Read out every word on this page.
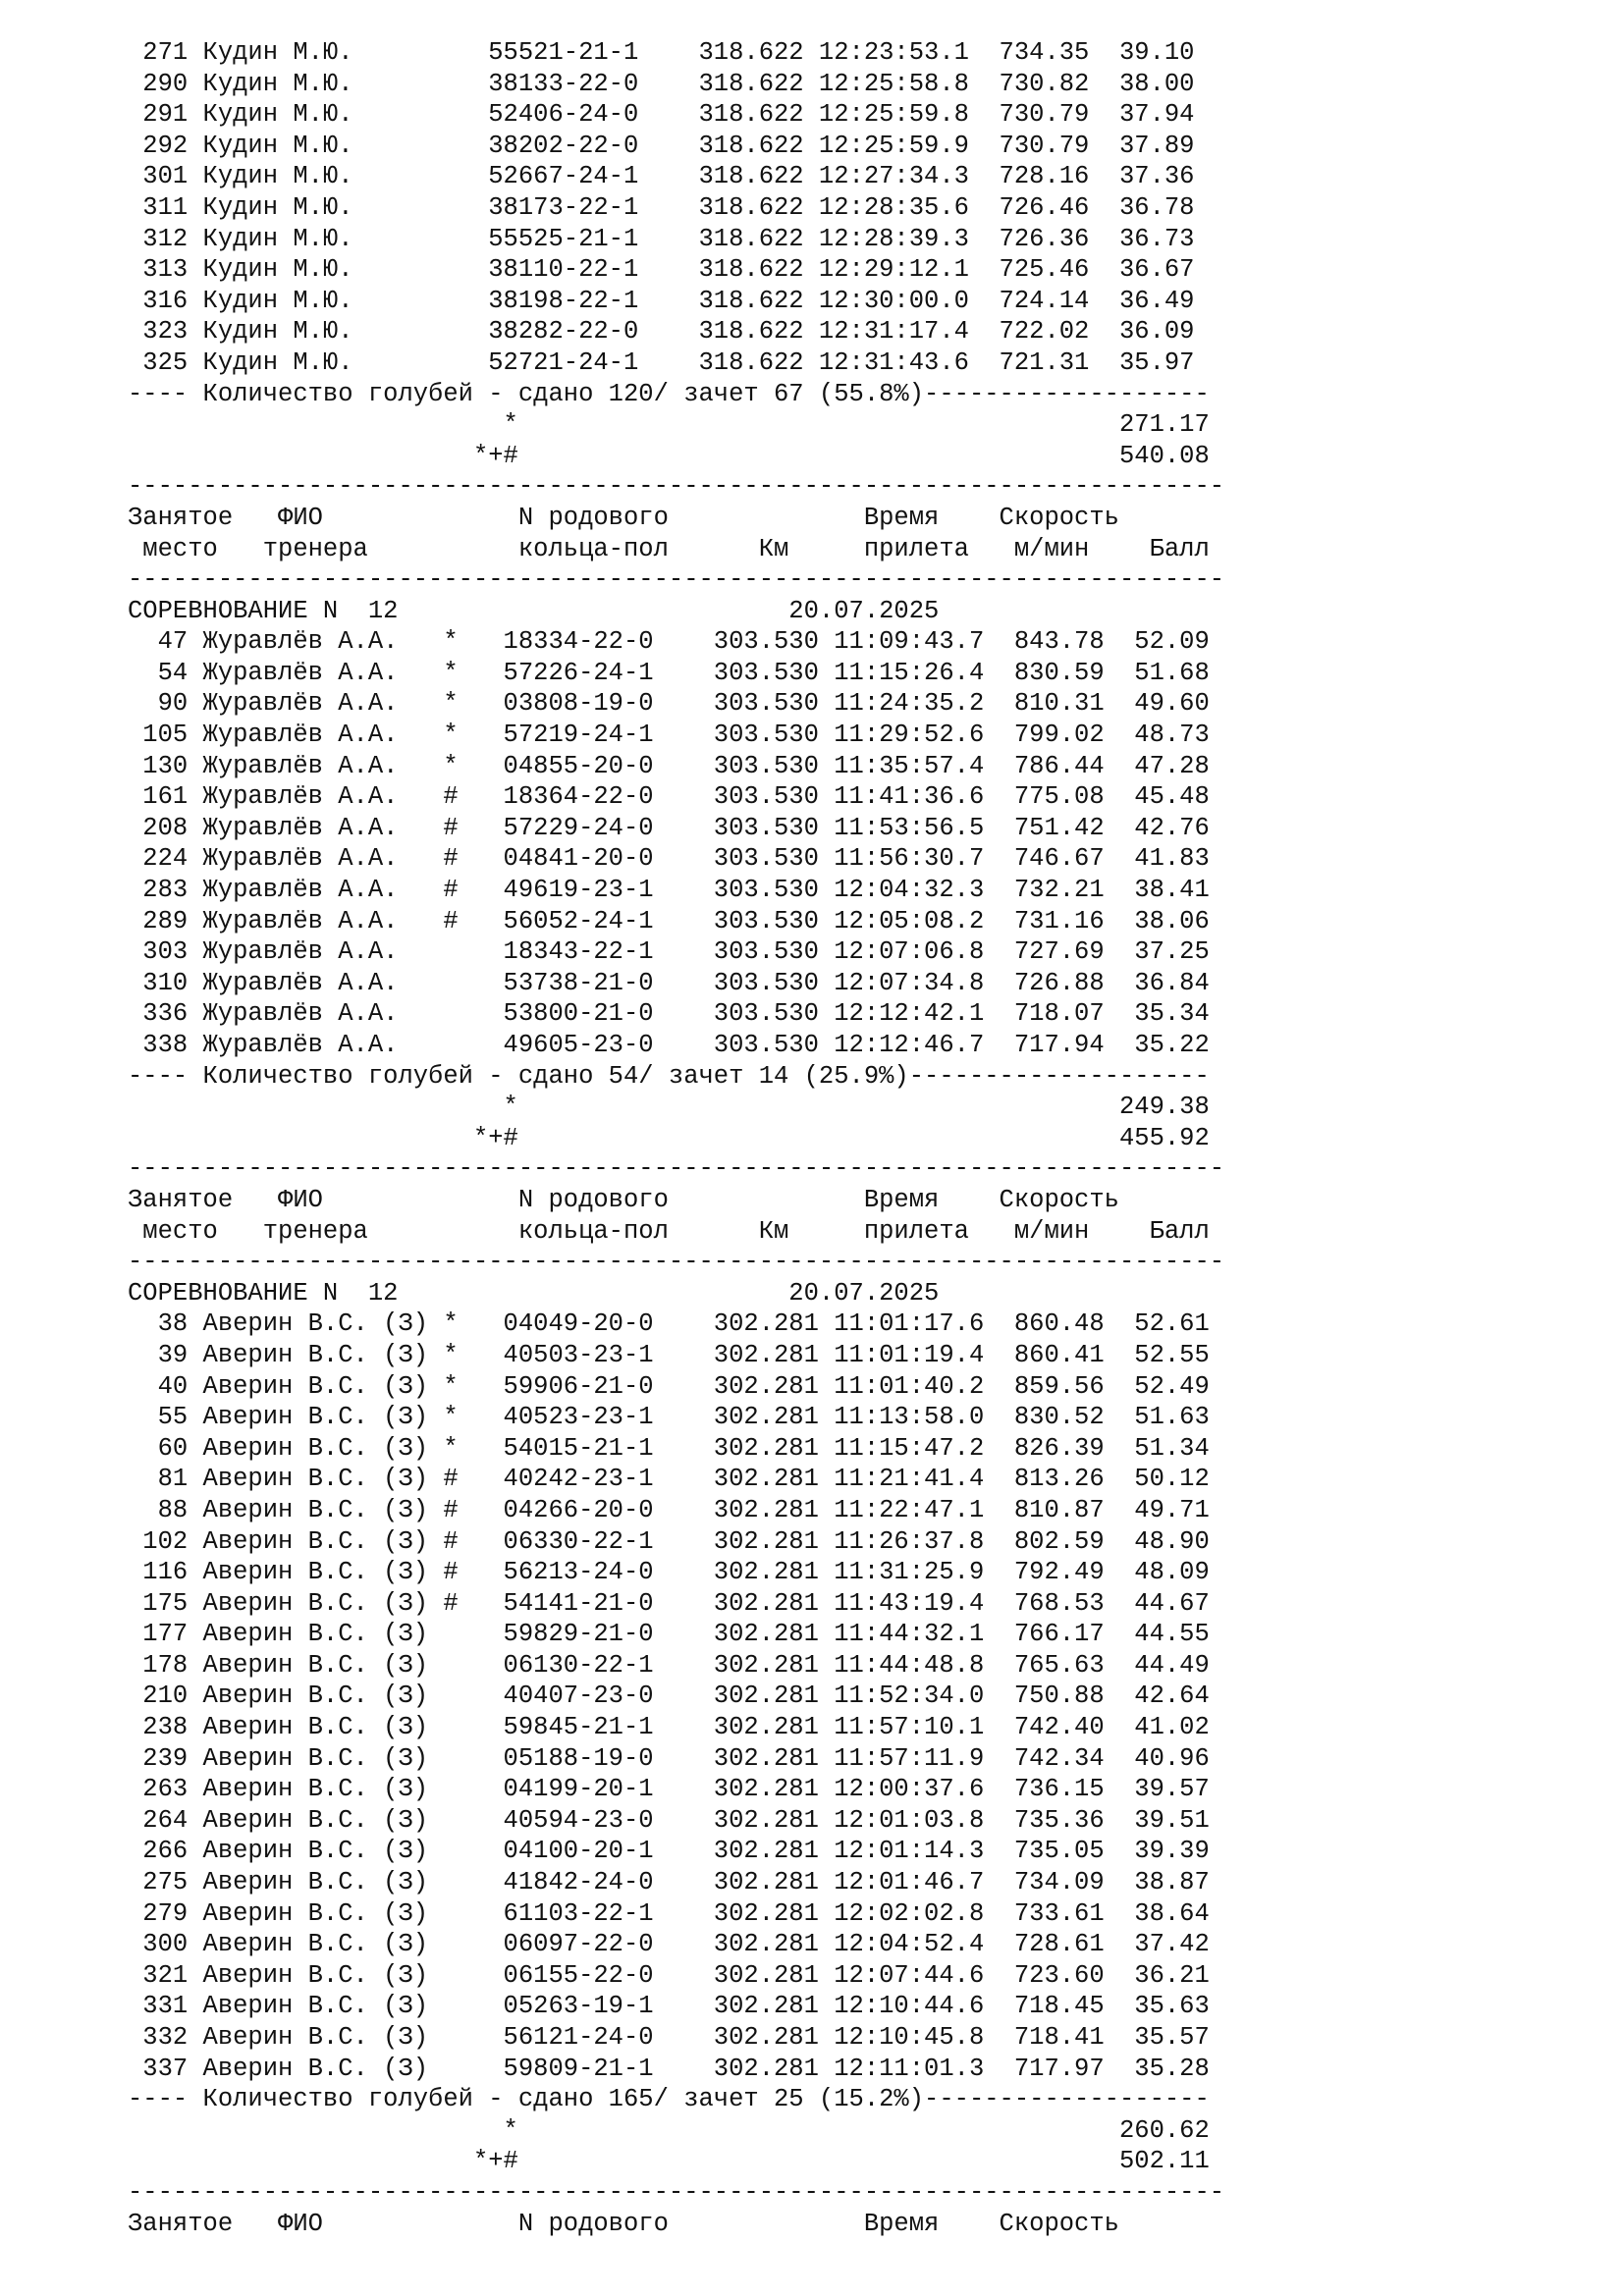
271 Кудин М.Ю.         55521-21-1    318.622 12:23:53.1  734.35  39.10
290 Кудин М.Ю.         38133-22-0    318.622 12:25:58.8  730.82  38.00
291 Кудин М.Ю.         52406-24-0    318.622 12:25:59.8  730.79  37.94
292 Кудин М.Ю.         38202-22-0    318.622 12:25:59.9  730.79  37.89
301 Кудин М.Ю.         52667-24-1    318.622 12:27:34.3  728.16  37.36
311 Кудин М.Ю.         38173-22-1    318.622 12:28:35.6  726.46  36.78
312 Кудин М.Ю.         55525-21-1    318.622 12:28:39.3  726.36  36.73
313 Кудин М.Ю.         38110-22-1    318.622 12:29:12.1  725.46  36.67
316 Кудин М.Ю.         38198-22-1    318.622 12:30:00.0  724.14  36.49
323 Кудин М.Ю.         38282-22-0    318.622 12:31:17.4  722.02  36.09
325 Кудин М.Ю.         52721-24-1    318.622 12:31:43.6  721.31  35.97
---- Количество голубей - сдано 120/ зачет 67 (55.8%)-------------------
*                                        271.17
*+#                                        540.08
-------------------------------------------------------------------------
Занятое   ФИО             N родового             Время    Скорость
место   тренера          кольца-пол      Км     прилета   м/мин    Балл
-------------------------------------------------------------------------
СОРЕВНОВАНИЕ N  12                          20.07.2025
47 Журавлёв А.А.   *   18334-22-0    303.530 11:09:43.7  843.78  52.09
54 Журавлёв А.А.   *   57226-24-1    303.530 11:15:26.4  830.59  51.68
90 Журавлёв А.А.   *   03808-19-0    303.530 11:24:35.2  810.31  49.60
105 Журавлёв А.А.   *   57219-24-1    303.530 11:29:52.6  799.02  48.73
130 Журавлёв А.А.   *   04855-20-0    303.530 11:35:57.4  786.44  47.28
161 Журавлёв А.А.   #   18364-22-0    303.530 11:41:36.6  775.08  45.48
208 Журавлёв А.А.   #   57229-24-0    303.530 11:53:56.5  751.42  42.76
224 Журавлёв А.А.   #   04841-20-0    303.530 11:56:30.7  746.67  41.83
283 Журавлёв А.А.   #   49619-23-1    303.530 12:04:32.3  732.21  38.41
289 Журавлёв А.А.   #   56052-24-1    303.530 12:05:08.2  731.16  38.06
303 Журавлёв А.А.       18343-22-1    303.530 12:07:06.8  727.69  37.25
310 Журавлёв А.А.       53738-21-0    303.530 12:07:34.8  726.88  36.84
336 Журавлёв А.А.       53800-21-0    303.530 12:12:42.1  718.07  35.34
338 Журавлёв А.А.       49605-23-0    303.530 12:12:46.7  717.94  35.22
---- Количество голубей - сдано 54/ зачет 14 (25.9%)--------------------
*                                        249.38
*+#                                        455.92
-------------------------------------------------------------------------
Занятое   ФИО             N родового             Время    Скорость
место   тренера          кольца-пол      Км     прилета   м/мин    Балл
-------------------------------------------------------------------------
СОРЕВНОВАНИЕ N  12                          20.07.2025
38 Аверин В.С. (З) *   04049-20-0    302.281 11:01:17.6  860.48  52.61
39 Аверин В.С. (З) *   40503-23-1    302.281 11:01:19.4  860.41  52.55
40 Аверин В.С. (З) *   59906-21-0    302.281 11:01:40.2  859.56  52.49
55 Аверин В.С. (З) *   40523-23-1    302.281 11:13:58.0  830.52  51.63
60 Аверин В.С. (З) *   54015-21-1    302.281 11:15:47.2  826.39  51.34
81 Аверин В.С. (З) #   40242-23-1    302.281 11:21:41.4  813.26  50.12
88 Аверин В.С. (З) #   04266-20-0    302.281 11:22:47.1  810.87  49.71
102 Аверин В.С. (З) #   06330-22-1    302.281 11:26:37.8  802.59  48.90
116 Аверин В.С. (З) #   56213-24-0    302.281 11:31:25.9  792.49  48.09
175 Аверин В.С. (З) #   54141-21-0    302.281 11:43:19.4  768.53  44.67
177 Аверин В.С. (З)     59829-21-0    302.281 11:44:32.1  766.17  44.55
178 Аверин В.С. (З)     06130-22-1    302.281 11:44:48.8  765.63  44.49
210 Аверин В.С. (З)     40407-23-0    302.281 11:52:34.0  750.88  42.64
238 Аверин В.С. (З)     59845-21-1    302.281 11:57:10.1  742.40  41.02
239 Аверин В.С. (З)     05188-19-0    302.281 11:57:11.9  742.34  40.96
263 Аверин В.С. (З)     04199-20-1    302.281 12:00:37.6  736.15  39.57
264 Аверин В.С. (З)     40594-23-0    302.281 12:01:03.8  735.36  39.51
266 Аверин В.С. (З)     04100-20-1    302.281 12:01:14.3  735.05  39.39
275 Аверин В.С. (З)     41842-24-0    302.281 12:01:46.7  734.09  38.87
279 Аверин В.С. (З)     61103-22-1    302.281 12:02:02.8  733.61  38.64
300 Аверин В.С. (З)     06097-22-0    302.281 12:04:52.4  728.61  37.42
321 Аверин В.С. (З)     06155-22-0    302.281 12:07:44.6  723.60  36.21
331 Аверин В.С. (З)     05263-19-1    302.281 12:10:44.6  718.45  35.63
332 Аверин В.С. (З)     56121-24-0    302.281 12:10:45.8  718.41  35.57
337 Аверин В.С. (З)     59809-21-1    302.281 12:11:01.3  717.97  35.28
---- Количество голубей - сдано 165/ зачет 25 (15.2%)-------------------
*                                        260.62
*+#                                        502.11
-------------------------------------------------------------------------
Занятое   ФИО             N родового             Время    Скорость
